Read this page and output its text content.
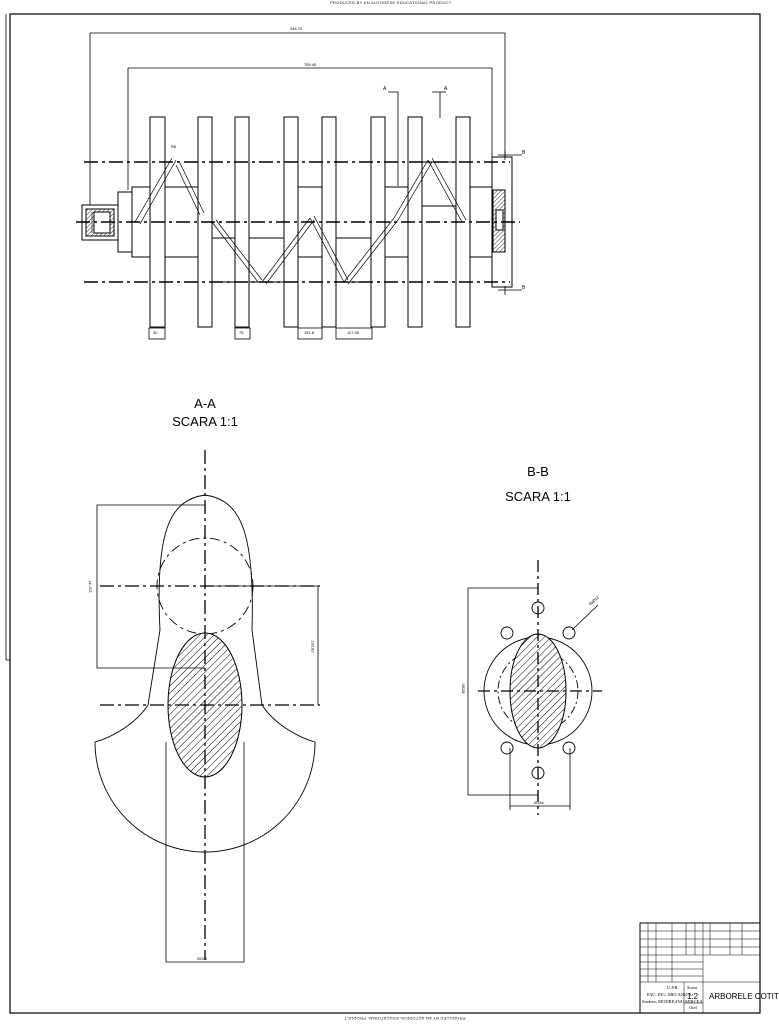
PRODUCED BY AN AUTODESK EDUCATIONAL PRODUCT
PRODUCED BY AN AUTODESK EDUCATIONAL PRODUCT
946.70
755.40
A	A
B
B
R6
30	75	151.8	117.55
A-A
SCARA 1:1
207.47
232.82
263.3
B-B
SCARA 1:1
8xØ12
Ø184
Ø280
U.P.B.
FAC. ING. MECANICA
Student: MODREANU MIRCEA
Scara
1:2
Otel
ARBORELE COTIT
